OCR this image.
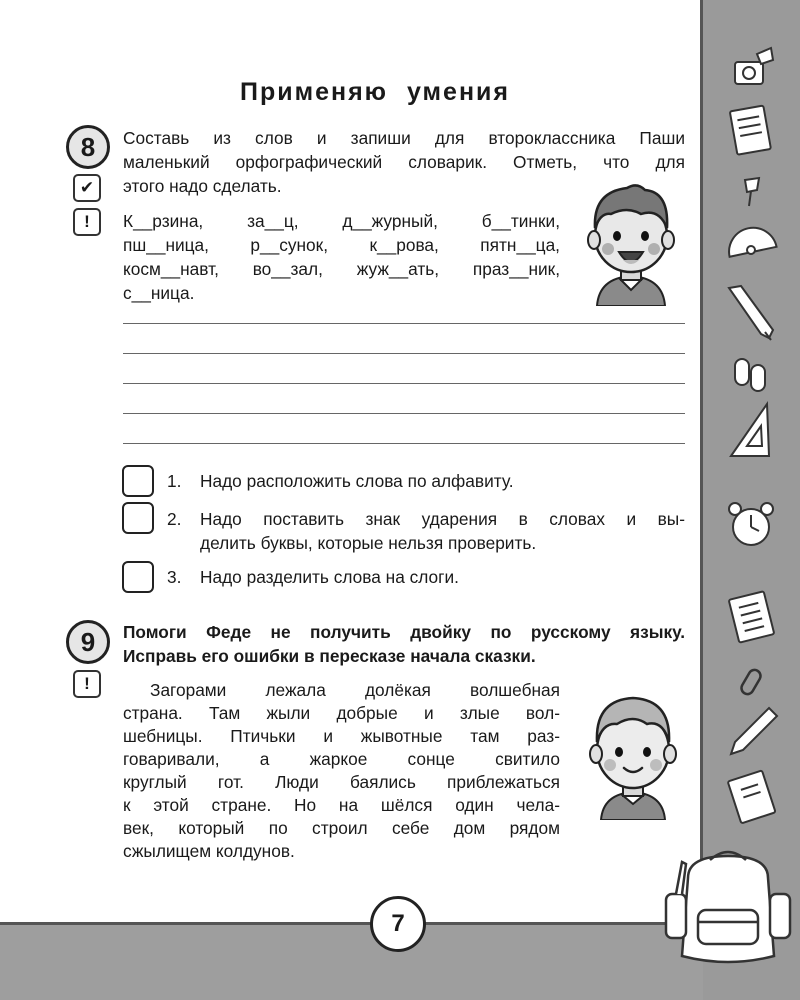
Применяю умения
8
✔
!
Составь из слов и запиши для второклассника Паши
маленький орфографический словарик. Отметь, что для
этого надо сделать.
К__рзина, за__ц, д__журный, б__тинки,
пш__ница, р__сунок, к__рова, пятн__ца,
косм__навт, во__зал, жуж__ать, праз__ник,
с__ница.
1. Надо расположить слова по алфавиту.
2. Надо поставить знак ударения в словах и вы-
делить буквы, которые нельзя проверить.
3. Надо разделить слова на слоги.
9
!
Помоги Феде не получить двойку по русскому языку.
Исправь его ошибки в пересказе начала сказки.
Загорами лежала долёкая волшебная
страна. Там жыли добрые и злые вол-
шебницы. Птичьки и жывотные там раз-
говаривали, а жаркое сонце свитило
круглый гот. Люди баялись приблежаться
к этой стране. Но на шёлся один челa-
век, который по строил себе дом рядом
сжылищем колдунов.
7
